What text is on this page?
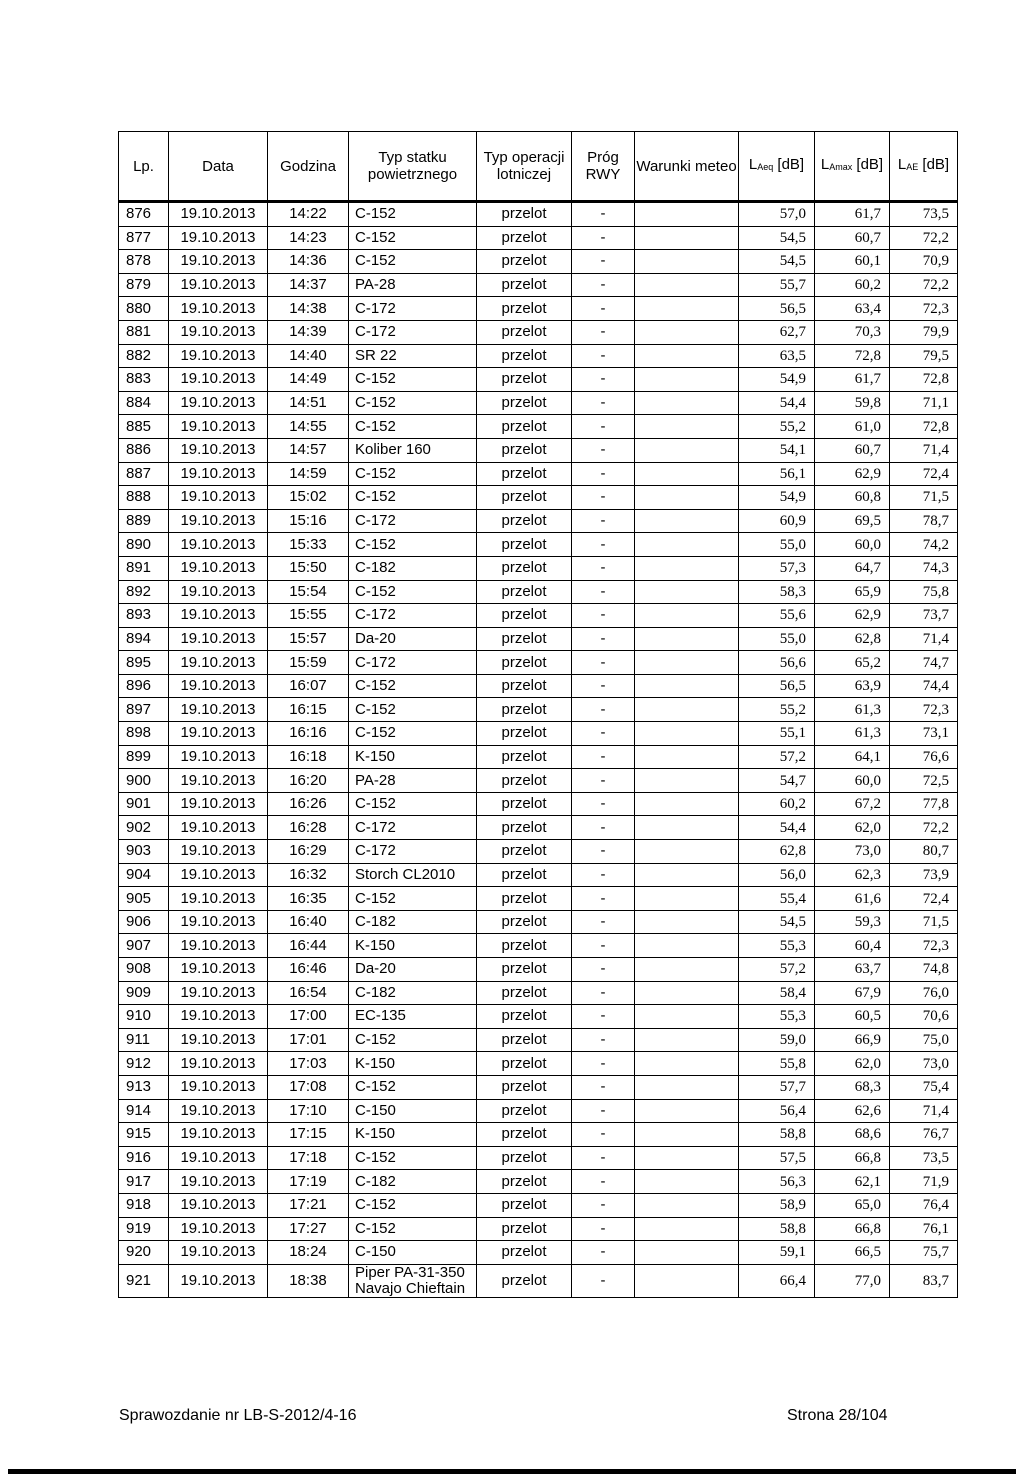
Lp.	Data	Godzina	Typ statku powietrznego	Typ operacji lotniczej	Próg RWY	Warunki meteo	$L_{Aeq}$ [dB]	$L_{Amax}$ [dB]	$L_{AE}$ [dB]
876	19.10.2013	14:22	C-152	przelot	-		57,0	61,7	73,5
877	19.10.2013	14:23	C-152	przelot	-		54,5	60,7	72,2
878	19.10.2013	14:36	C-152	przelot	-		54,5	60,1	70,9
879	19.10.2013	14:37	PA-28	przelot	-		55,7	60,2	72,2
880	19.10.2013	14:38	C-172	przelot	-		56,5	63,4	72,3
881	19.10.2013	14:39	C-172	przelot	-		62,7	70,3	79,9
882	19.10.2013	14:40	SR 22	przelot	-		63,5	72,8	79,5
883	19.10.2013	14:49	C-152	przelot	-		54,9	61,7	72,8
884	19.10.2013	14:51	C-152	przelot	-		54,4	59,8	71,1
885	19.10.2013	14:55	C-152	przelot	-		55,2	61,0	72,8
886	19.10.2013	14:57	Koliber 160	przelot	-		54,1	60,7	71,4
887	19.10.2013	14:59	C-152	przelot	-		56,1	62,9	72,4
888	19.10.2013	15:02	C-152	przelot	-		54,9	60,8	71,5
889	19.10.2013	15:16	C-172	przelot	-		60,9	69,5	78,7
890	19.10.2013	15:33	C-152	przelot	-		55,0	60,0	74,2
891	19.10.2013	15:50	C-182	przelot	-		57,3	64,7	74,3
892	19.10.2013	15:54	C-152	przelot	-		58,3	65,9	75,8
893	19.10.2013	15:55	C-172	przelot	-		55,6	62,9	73,7
894	19.10.2013	15:57	Da-20	przelot	-		55,0	62,8	71,4
895	19.10.2013	15:59	C-172	przelot	-		56,6	65,2	74,7
896	19.10.2013	16:07	C-152	przelot	-		56,5	63,9	74,4
897	19.10.2013	16:15	C-152	przelot	-		55,2	61,3	72,3
898	19.10.2013	16:16	C-152	przelot	-		55,1	61,3	73,1
899	19.10.2013	16:18	K-150	przelot	-		57,2	64,1	76,6
900	19.10.2013	16:20	PA-28	przelot	-		54,7	60,0	72,5
901	19.10.2013	16:26	C-152	przelot	-		60,2	67,2	77,8
902	19.10.2013	16:28	C-172	przelot	-		54,4	62,0	72,2
903	19.10.2013	16:29	C-172	przelot	-		62,8	73,0	80,7
904	19.10.2013	16:32	Storch CL2010	przelot	-		56,0	62,3	73,9
905	19.10.2013	16:35	C-152	przelot	-		55,4	61,6	72,4
906	19.10.2013	16:40	C-182	przelot	-		54,5	59,3	71,5
907	19.10.2013	16:44	K-150	przelot	-		55,3	60,4	72,3
908	19.10.2013	16:46	Da-20	przelot	-		57,2	63,7	74,8
909	19.10.2013	16:54	C-182	przelot	-		58,4	67,9	76,0
910	19.10.2013	17:00	EC-135	przelot	-		55,3	60,5	70,6
911	19.10.2013	17:01	C-152	przelot	-		59,0	66,9	75,0
912	19.10.2013	17:03	K-150	przelot	-		55,8	62,0	73,0
913	19.10.2013	17:08	C-152	przelot	-		57,7	68,3	75,4
914	19.10.2013	17:10	C-150	przelot	-		56,4	62,6	71,4
915	19.10.2013	17:15	K-150	przelot	-		58,8	68,6	76,7
916	19.10.2013	17:18	C-152	przelot	-		57,5	66,8	73,5
917	19.10.2013	17:19	C-182	przelot	-		56,3	62,1	71,9
918	19.10.2013	17:21	C-152	przelot	-		58,9	65,0	76,4
919	19.10.2013	17:27	C-152	przelot	-		58,8	66,8	76,1
920	19.10.2013	18:24	C-150	przelot	-		59,1	66,5	75,7
921	19.10.2013	18:38	Piper PA-31-350 Navajo Chieftain	przelot	-		66,4	77,0	83,7
Sprawozdanie nr LB-S-2012/4-16	Strona 28/104
